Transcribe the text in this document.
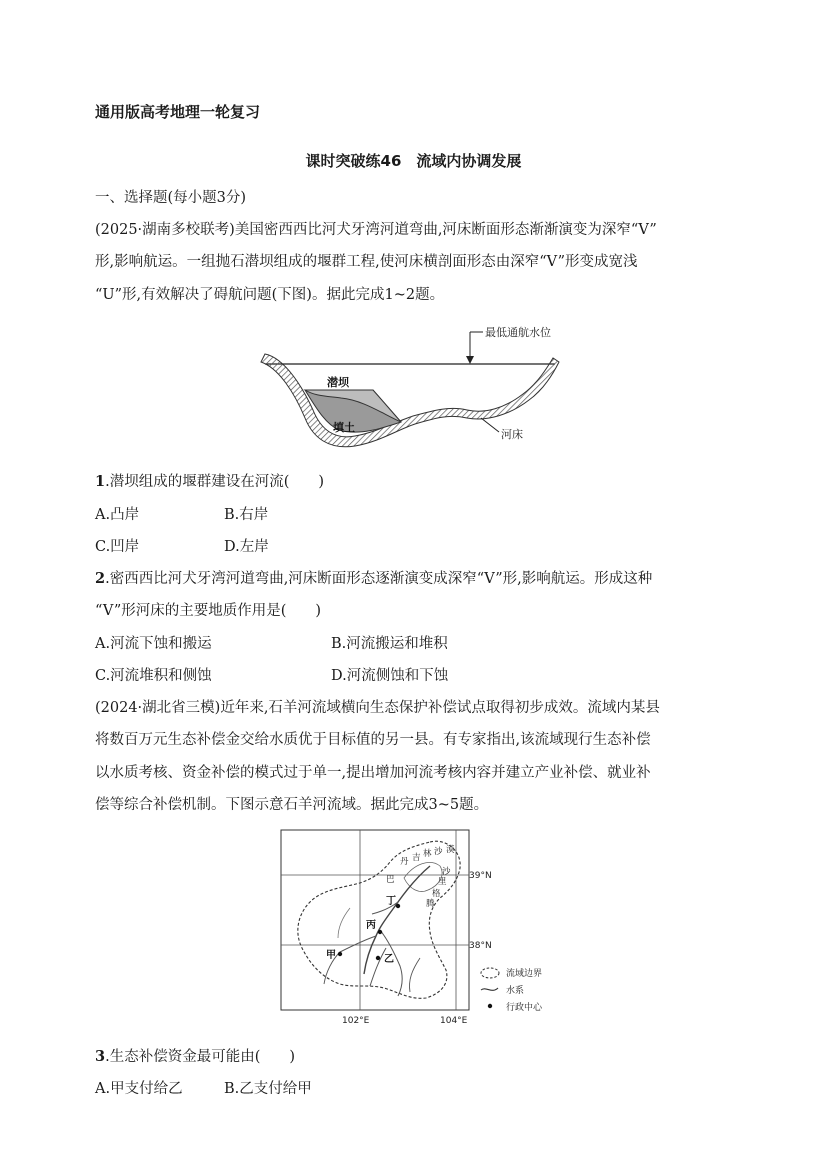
通用版高考地理一轮复习
课时突破练46　流域内协调发展
一、选择题(每小题3分)
(2025·湖南多校联考)美国密西西比河犬牙湾河道弯曲,河床断面形态渐渐演变为深窄“V”
形,影响航运。一组抛石潜坝组成的堰群工程,使河床横剖面形态由深窄“V”形变成宽浅
“U”形,有效解决了碍航问题(下图)。据此完成1~2题。
最低通航水位
潜坝
填土
河床
1.潜坝组成的堰群建设在河流(　　)
A.凸岸	B.右岸
C.凹岸	D.左岸
2.密西西比河犬牙湾河道弯曲,河床断面形态逐渐演变成深窄“V”形,影响航运。形成这种
“V”形河床的主要地质作用是(　　)
A.河流下蚀和搬运	B.河流搬运和堆积
C.河流堆积和侧蚀	D.河流侧蚀和下蚀
(2024·湖北省三模)近年来,石羊河流域横向生态保护补偿试点取得初步成效。流域内某县
将数百万元生态补偿金交给水质优于目标值的另一县。有专家指出,该流域现行生态补偿
以水质考核、资金补偿的模式过于单一,提出增加河流考核内容并建立产业补偿、就业补
偿等综合补偿机制。下图示意石羊河流域。据此完成3~5题。
39°N
38°N
102°E	104°E
丹 吉 林 沙
巴
漠
腾
格
里
沙
丁
丙
甲	乙
流域边界
水系
行政中心
3.生态补偿资金最可能由(　　)
A.甲支付给乙	B.乙支付给甲
